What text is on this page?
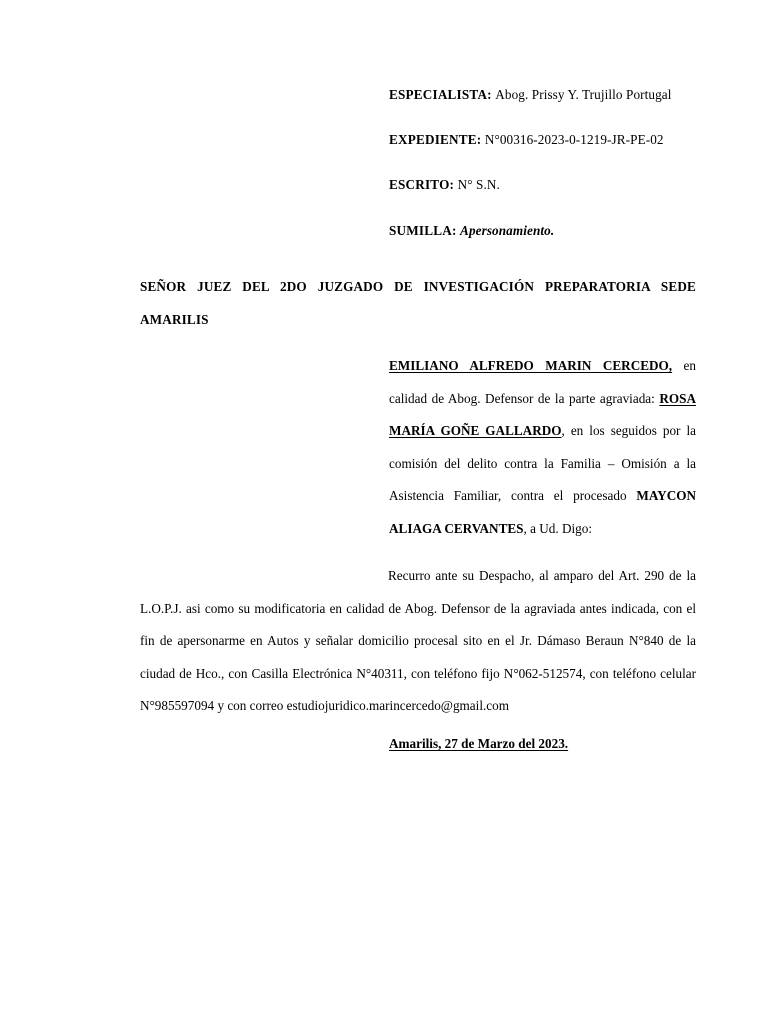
ESPECIALISTA: Abog. Prissy Y. Trujillo Portugal
EXPEDIENTE: N°00316-2023-0-1219-JR-PE-02
ESCRITO: N° S.N.
SUMILLA: Apersonamiento.
SEÑOR JUEZ DEL 2DO JUZGADO DE INVESTIGACIÓN PREPARATORIA SEDE AMARILIS
EMILIANO ALFREDO MARIN CERCEDO, en calidad de Abog. Defensor de la parte agraviada: ROSA MARÍA GOÑE GALLARDO, en los seguidos por la comisión del delito contra la Familia – Omisión a la Asistencia Familiar, contra el procesado MAYCON ALIAGA CERVANTES, a Ud. Digo:
Recurro ante su Despacho, al amparo del Art. 290 de la L.O.P.J. asi como su modificatoria en calidad de Abog. Defensor de la agraviada antes indicada, con el fin de apersonarme en Autos y señalar domicilio procesal sito en el Jr. Dámaso Beraun N°840 de la ciudad de Hco., con Casilla Electrónica N°40311, con teléfono fijo N°062-512574, con teléfono celular N°985597094 y con correo estudiojuridico.marincercedo@gmail.com
Amarilis, 27 de Marzo del 2023.
